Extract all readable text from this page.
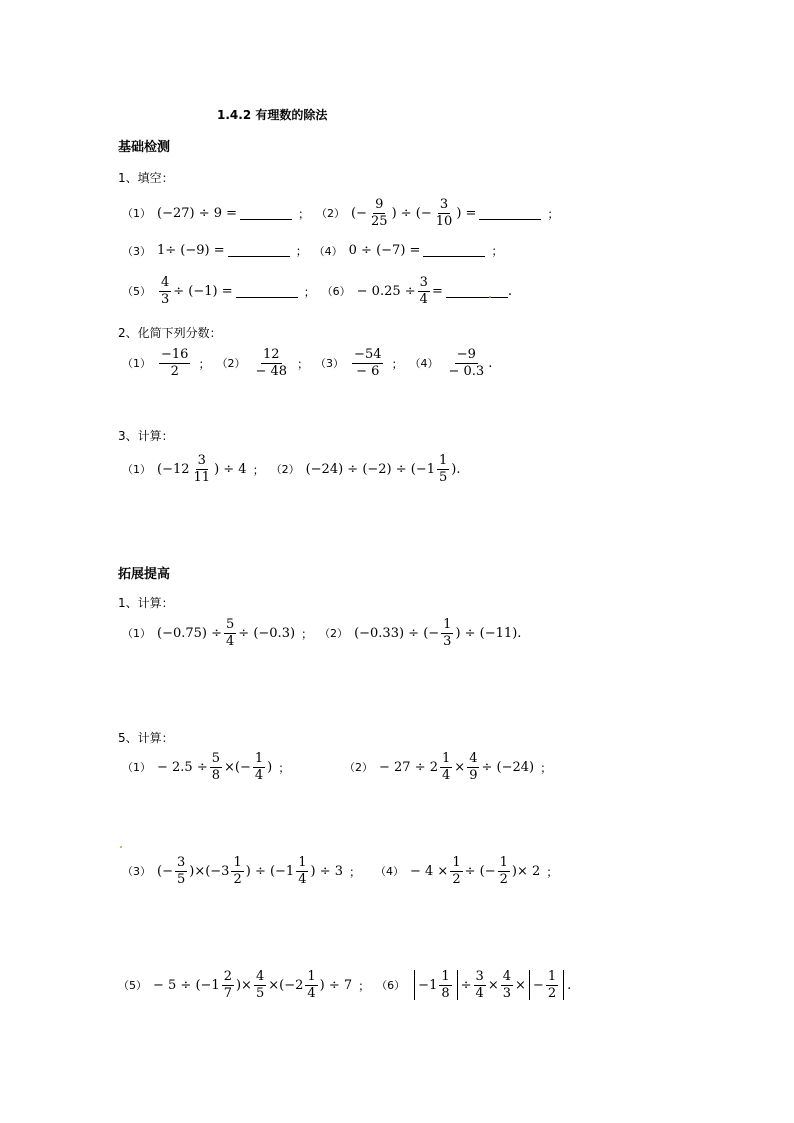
1.4.2 有理数的除法
基础检测
1、填空：
（1） (−27) ÷ 9 =	； （2） (− $\frac{9}{25}$ ) ÷ (− $\frac{3}{10}$ ) =	；
（3） 1÷ (−9) =	； （4） 0 ÷ (−7) =	；
$(5) \frac{4}{3} \div (-1)$ =	； $(6) - 0.25 \div \frac{3}{4}$ =	.
2、化简下列分数：
$(1) \frac{-16}{2}$ ； $(2) \frac{12}{- 48}$ ； $(3) \frac{-54}{- 6}$ ； $(4) \frac{-9}{- 0.3}$ .
3、计算：
（1） ($-12 \frac{3}{11}$ ) ÷ 4 ； （2） $(-24) \div (-2) \div (-1 \frac{1}{5}$ ) .
拓展提高
1、计算：
（1） $(-0.75) \div \frac{5}{4} \div (-0.3)$ ； （2） (−0.33) ÷ (− $\frac{1}{3}$ ) ÷ (−11) .
5、计算：
$(1) - 2.5 \div \frac{5}{8}$ ×(− $\frac{1}{4}$ ) ；	$(2) - 27 \div 2 \frac{1}{4} \times \frac{4}{9} \div (-24)$ ；
（3） (− $\frac{3}{5} )\times(-3 \frac{1}{2}$ ) ÷ ($-1 \frac{1}{4}$ ) ÷ 3 ； $(4) - 4 \times \frac{1}{2}$ ÷ (− $\frac{1}{2}$ )× 2 ；
$(5) - 5 \div (-1 \frac{2}{7}$ )× $\frac{4}{5} \times(-2 \frac{1}{4}$ ) ÷ 7 ； $(6) -1 \frac{1}{8} \div \frac{3}{4} \times \frac{4}{3}$ × − $\frac{1}{2}$ .
